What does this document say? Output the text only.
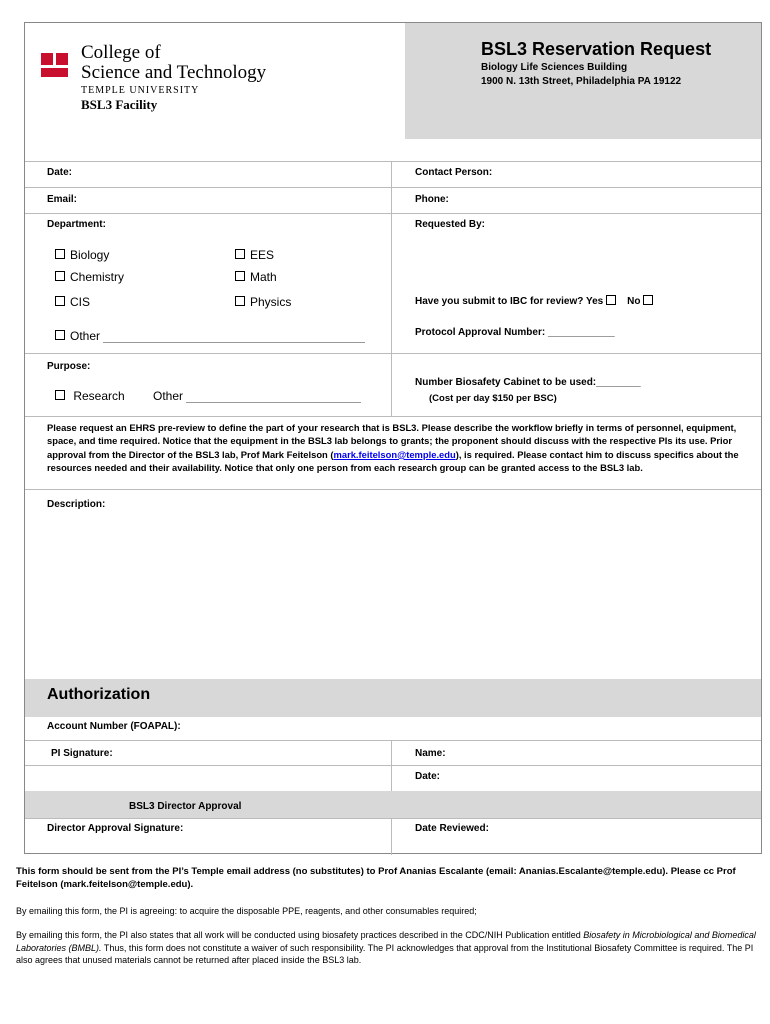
College of
Science and Technology
TEMPLE UNIVERSITY
BSL3 Facility
BSL3 Reservation Request
Biology Life Sciences Building
1900 N. 13th Street, Philadelphia PA 19122
Date:	Contact Person:
Email:	Phone:
Department:	Requested By:
Biology	EES
Chemistry	Math
CIS	Physics
Other
Have you submit to IBC for review? Yes No
Protocol Approval Number: ____________
Purpose:
Research Other
Number Biosafety Cabinet to be used:________
(Cost per day $150 per BSC)
Please request an EHRS pre-review to define the part of your research that is BSL3. Please describe the workflow briefly in terms of personnel, equipment, space, and time required. Notice that the equipment in the BSL3 lab belongs to grants; the proponent should discuss with the respective PIs its use. Prior approval from the Director of the BSL3 lab, Prof Mark Feitelson (mark.feitelson@temple.edu), is required. Please contact him to discuss specifics about the resources needed and their availability. Notice that only one person from each research group can be granted access to the BSL3 lab.
Description:
Authorization
Account Number (FOAPAL):
PI Signature:	Name:
Date:
BSL3 Director Approval
Director Approval Signature:	Date Reviewed:
This form should be sent from the PI’s Temple email address (no substitutes) to Prof Ananias Escalante (email: Ananias.Escalante@temple.edu). Please cc Prof Feitelson (mark.feitelson@temple.edu).
By emailing this form, the PI is agreeing: to acquire the disposable PPE, reagents, and other consumables required;
By emailing this form, the PI also states that all work will be conducted using biosafety practices described in the CDC/NIH Publication entitled Biosafety in Microbiological and Biomedical Laboratories (BMBL). Thus, this form does not constitute a waiver of such responsibility. The PI acknowledges that approval from the Institutional Biosafety Committee is required. The PI also agrees that unused materials cannot be returned after placed inside the BSL3 lab.
